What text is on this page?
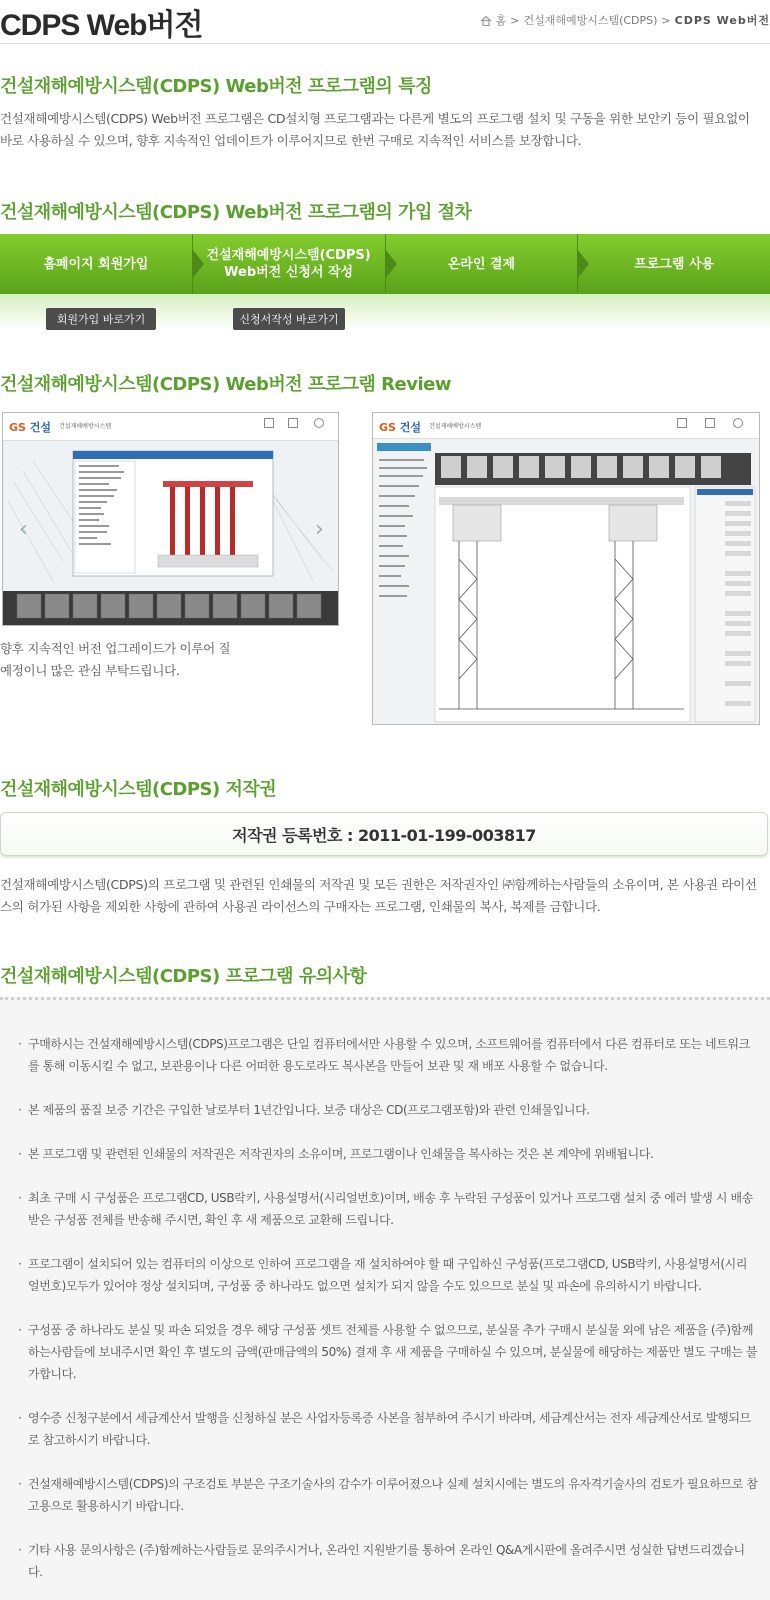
CDPS Web버전	홈 > 건설재해예방시스템(CDPS) > CDPS Web버전
건설재해예방시스템(CDPS) Web버전 프로그램의 특징
건설재해예방시스템(CDPS) Web버전 프로그램은 CD설치형 프로그램과는 다른게 별도의 프로그램 설치 및 구동을 위한 보안키 등이 필요없이 바로 사용하실 수 있으며, 향후 지속적인 업데이트가 이루어지므로 한번 구매로 지속적인 서비스를 보장합니다.
건설재해예방시스템(CDPS) Web버전 프로그램의 가입 절차
홈페이지 회원가입
건설재해예방시스템(CDPS)
Web버전 신청서 작성
온라인 결제	프로그램 사용
회원가입 바로가기	신청서작성 바로가기
건설재해예방시스템(CDPS) Web버전 프로그램 Review
GS 건설 건설재해예방시스템
‹	›
향후 지속적인 버전 업그레이드가 이루어 질 예정이니 많은 관심 부탁드립니다.
GS 건설 건설재해예방시스템
건설재해예방시스템(CDPS) 저작권
저작권 등록번호 : 2011-01-199-003817
건설재해예방시스템(CDPS)의 프로그램 및 관련된 인쇄물의 저작권 및 모든 권한은 저작권자인 ㈜함께하는사람들의 소유이며, 본 사용권 라이선스의 허가된 사항을 제외한 사항에 관하여 사용권 라이선스의 구매자는 프로그램, 인쇄물의 복사, 복제를 금합니다.
건설재해예방시스템(CDPS) 프로그램 유의사항
· 구매하시는 건설재해예방시스템(CDPS)프로그램은 단일 컴퓨터에서만 사용할 수 있으며, 소프트웨어를 컴퓨터에서 다른 컴퓨터로 또는 네트워크를 통해 이동시킬 수 없고, 보관용이나 다른 어떠한 용도로라도 복사본을 만들어 보관 및 재 배포 사용할 수 없습니다.
· 본 제품의 품질 보증 기간은 구입한 날로부터 1년간입니다. 보증 대상은 CD(프로그램포함)와 관련 인쇄물입니다.
· 본 프로그램 및 관련된 인쇄물의 저작권은 저작권자의 소유이며, 프로그램이나 인쇄물을 복사하는 것은 본 계약에 위배됩니다.
· 최초 구매 시 구성품은 프로그램CD, USB락키, 사용설명서(시리얼번호)이며, 배송 후 누락된 구성품이 있거나 프로그램 설치 중 에러 발생 시 배송받은 구성품 전체를 반송해 주시면, 확인 후 새 제품으로 교환해 드립니다.
· 프로그램이 설치되어 있는 컴퓨터의 이상으로 인하여 프로그램을 재 설치하여야 할 때 구입하신 구성품(프로그램CD, USB락키, 사용설명서(시리얼번호)모두가 있어야 정상 설치되며, 구성품 중 하나라도 없으면 설치가 되지 않을 수도 있으므로 분실 및 파손에 유의하시기 바랍니다.
· 구성품 중 하나라도 분실 및 파손 되었을 경우 해당 구성품 셋트 전체를 사용할 수 없으므로, 분실물 추가 구매시 분실물 외에 남은 제품을 (주)함께하는사람들에 보내주시면 확인 후 별도의 금액(판매금액의 50%) 결재 후 새 제품을 구매하실 수 있으며, 분실물에 해당하는 제품만 별도 구매는 불가합니다.
· 영수증 신청구분에서 세금계산서 발행을 신청하실 분은 사업자등록증 사본을 첨부하여 주시기 바라며, 세금계산서는 전자 세금계산서로 발행되므로 참고하시기 바랍니다.
· 건설재해예방시스템(CDPS)의 구조검토 부분은 구조기술사의 감수가 이루어졌으나 실제 설치시에는 별도의 유자격기술사의 검토가 필요하므로 참고용으로 활용하시기 바랍니다.
· 기타 사용 문의사항은 (주)함께하는사람들로 문의주시거나, 온라인 지원받기를 통하여 온라인 Q&A게시판에 올려주시면 성실한 답변드리겠습니다.
